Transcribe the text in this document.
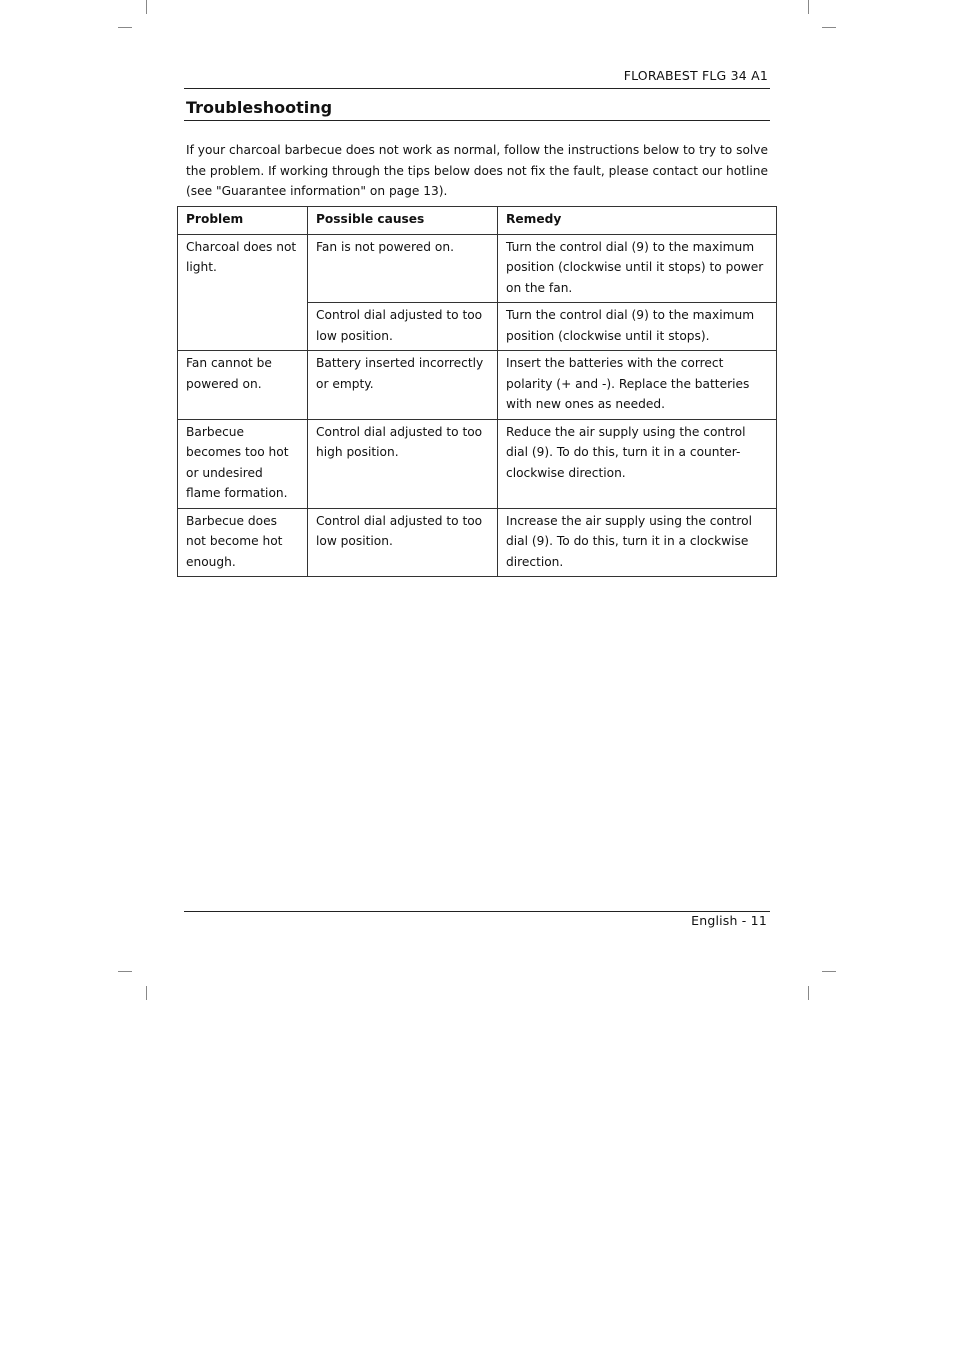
FLORABEST FLG 34 A1
Troubleshooting

If your charcoal barbecue does not work as normal, follow the instructions below to try to solve the problem. If working through the tips below does not fix the fault, please contact our hotline (see "Guarantee information" on page 13).

Problem	Possible causes	Remedy
Charcoal does not light.	Fan is not powered on.	Turn the control dial (9) to the maximum position (clockwise until it stops) to power on the fan.
	Control dial adjusted to too low position.	Turn the control dial (9) to the maximum position (clockwise until it stops).
Fan cannot be powered on.	Battery inserted incorrectly or empty.	Insert the batteries with the correct polarity (+ and -). Replace the batteries with new ones as needed.
Barbecue becomes too hot or undesired flame formation.	Control dial adjusted to too high position.	Reduce the air supply using the control dial (9). To do this, turn it in a counter-clockwise direction.
Barbecue does not become hot enough.	Control dial adjusted to too low position.	Increase the air supply using the control dial (9). To do this, turn it in a clockwise direction.
English - 11
